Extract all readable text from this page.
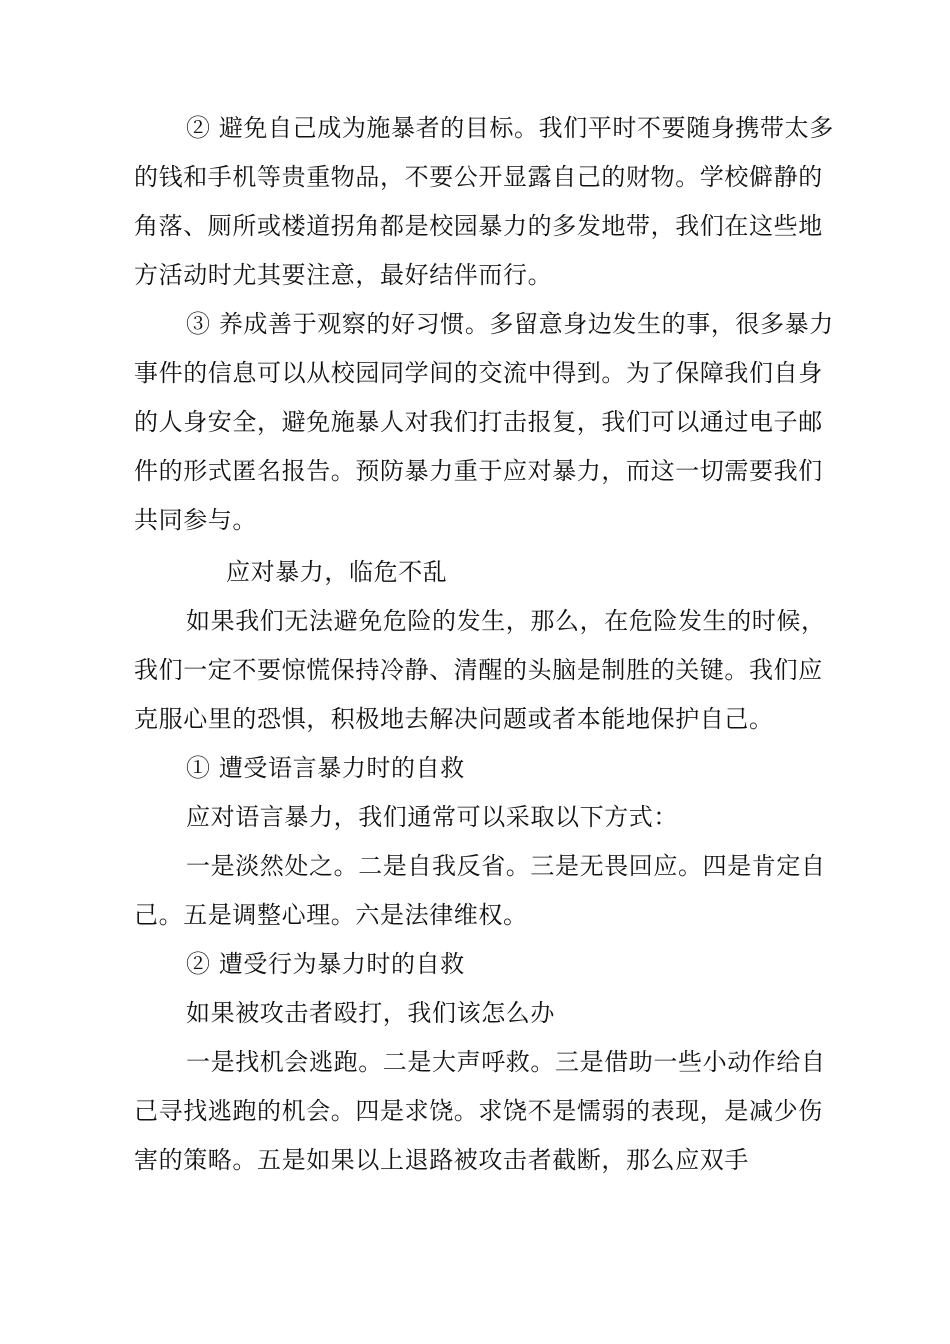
② 避免自己成为施暴者的目标。我们平时不要随身携带太多的钱和手机等贵重物品，不要公开显露自己的财物。学校僻静的角落、厕所或楼道拐角都是校园暴力的多发地带，我们在这些地方活动时尤其要注意，最好结伴而行。

③ 养成善于观察的好习惯。多留意身边发生的事，很多暴力事件的信息可以从校园同学间的交流中得到。为了保障我们自身的人身安全，避免施暴人对我们打击报复，我们可以通过电子邮件的形式匿名报告。预防暴力重于应对暴力，而这一切需要我们共同参与。

应对暴力，临危不乱

如果我们无法避免危险的发生，那么，在危险发生的时候，我们一定不要惊慌保持冷静、清醒的头脑是制胜的关键。我们应克服心里的恐惧，积极地去解决问题或者本能地保护自己。

① 遭受语言暴力时的自救

应对语言暴力，我们通常可以采取以下方式：

一是淡然处之。二是自我反省。三是无畏回应。四是肯定自己。五是调整心理。六是法律维权。

② 遭受行为暴力时的自救

如果被攻击者殴打，我们该怎么办

一是找机会逃跑。二是大声呼救。三是借助一些小动作给自己寻找逃跑的机会。四是求饶。求饶不是懦弱的表现，是减少伤害的策略。五是如果以上退路被攻击者截断，那么应双手
